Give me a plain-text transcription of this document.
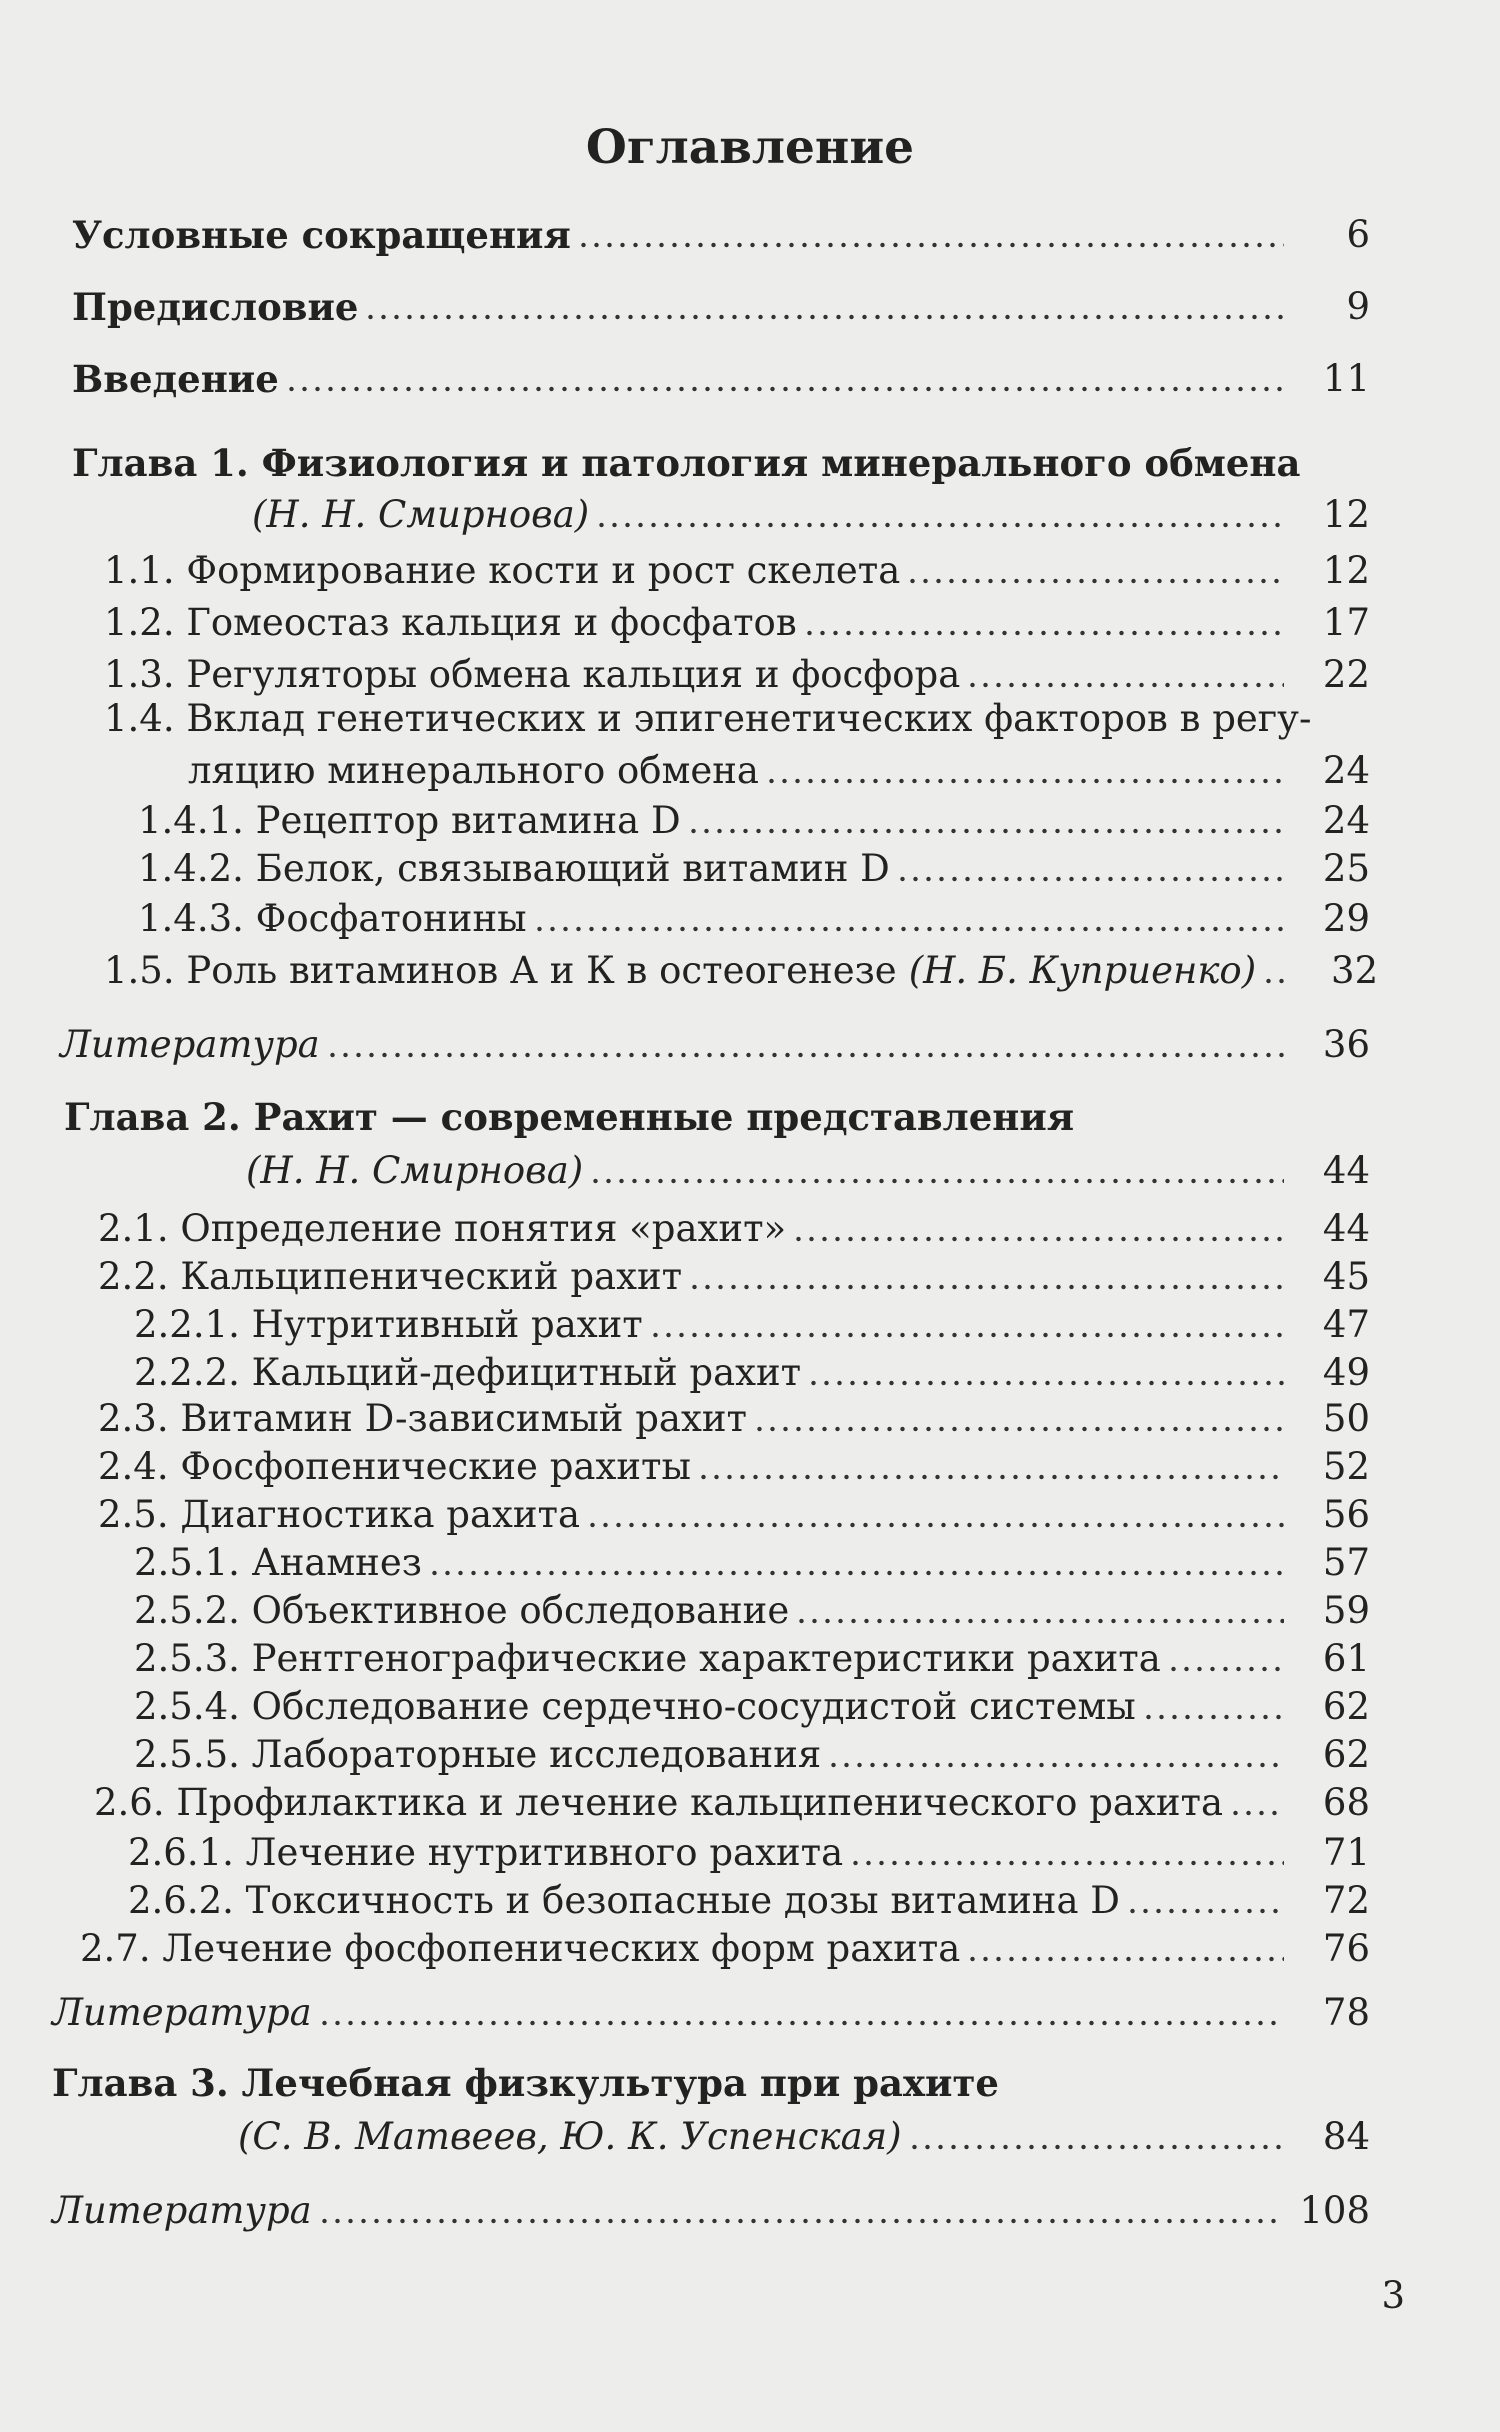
Оглавление
Условные сокращения	6
Предисловие	9
Введение	11
Глава 1. Физиология и патология минерального обмена
(Н. Н. Смирнова)	12
1.1. Формирование кости и рост скелета	12
1.2. Гомеостаз кальция и фосфатов	17
1.3. Регуляторы обмена кальция и фосфора	22
1.4. Вклад генетических и эпигенетических факторов в регу-
ляцию минерального обмена	24
1.4.1. Рецептор витамина D	24
1.4.2. Белок, связывающий витамин D	25
1.4.3. Фосфатонины	29
1.5. Роль витаминов А и К в остеогенезе (Н. Б. Куприенко)	32
Литература	36
Глава 2. Рахит — современные представления
(Н. Н. Смирнова)	44
2.1. Определение понятия «рахит»	44
2.2. Кальципенический рахит	45
2.2.1. Нутритивный рахит	47
2.2.2. Кальций-дефицитный рахит	49
2.3. Витамин D-зависимый рахит	50
2.4. Фосфопенические рахиты	52
2.5. Диагностика рахита	56
2.5.1. Анамнез	57
2.5.2. Объективное обследование	59
2.5.3. Рентгенографические характеристики рахита	61
2.5.4. Обследование сердечно-сосудистой системы	62
2.5.5. Лабораторные исследования	62
2.6. Профилактика и лечение кальципенического рахита	68
2.6.1. Лечение нутритивного рахита	71
2.6.2. Токсичность и безопасные дозы витамина D	72
2.7. Лечение фосфопенических форм рахита	76
Литература	78
Глава 3. Лечебная физкультура при рахите
(С. В. Матвеев, Ю. К. Успенская)	84
Литература	108
3
